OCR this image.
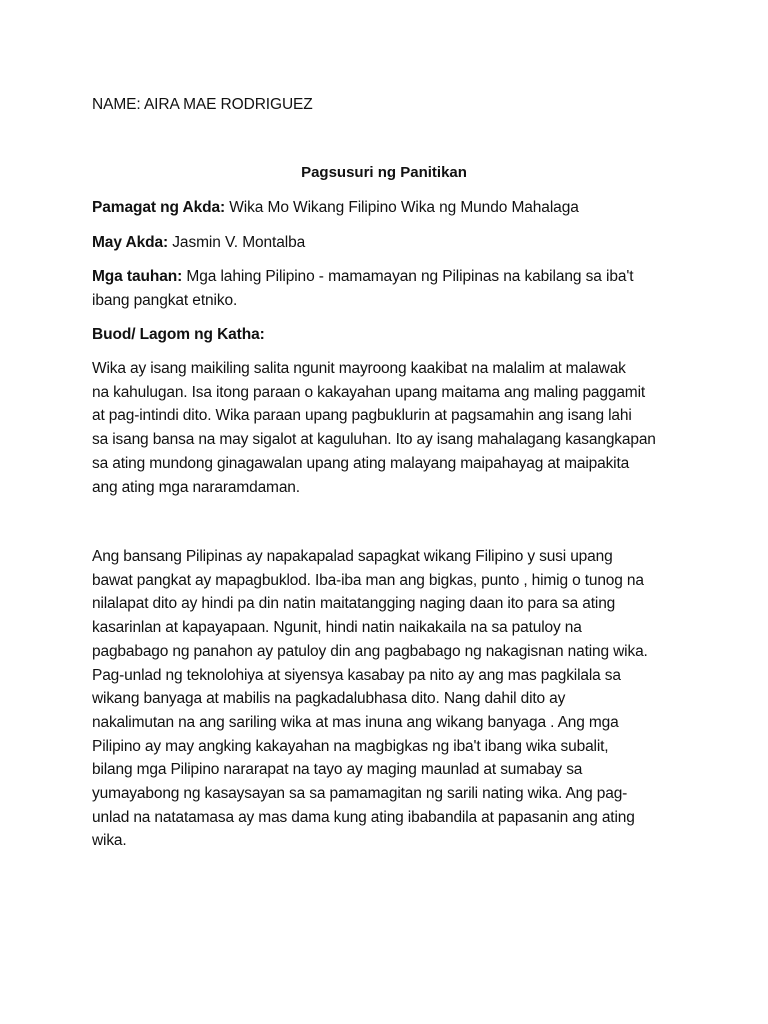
NAME: AIRA MAE RODRIGUEZ
Pagsusuri ng Panitikan
Pamagat ng Akda: Wika Mo Wikang Filipino Wika ng Mundo Mahalaga
May Akda: Jasmin V. Montalba
Mga tauhan: Mga lahing Pilipino - mamamayan ng Pilipinas na kabilang sa iba't
ibang pangkat etniko.
Buod/ Lagom ng Katha:

Wika ay isang maikiling salita ngunit mayroong kaakibat na malalim at malawak

na kahulugan. Isa itong paraan o kakayahan upang maitama ang maling paggamit

at pag-intindi dito. Wika paraan upang pagbuklurin at pagsamahin ang isang lahi

sa isang bansa na may sigalot at kaguluhan. Ito ay isang mahalagang kasangkapan

sa ating mundong ginagawalan upang ating malayang maipahayag at maipakita

ang ating mga nararamdaman.

Ang bansang Pilipinas ay napakapalad sapagkat wikang Filipino y susi upang

bawat pangkat ay mapagbuklod. Iba-iba man ang bigkas, punto , himig o tunog na

nilalapat dito ay hindi pa din natin maitatangging naging daan ito para sa ating

kasarinlan at kapayapaan. Ngunit, hindi natin naikakaila na sa patuloy na

pagbabago ng panahon ay patuloy din ang pagbabago ng nakagisnan nating wika.

Pag-unlad ng teknolohiya at siyensya kasabay pa nito ay ang mas pagkilala sa

wikang banyaga at mabilis na pagkadalubhasa dito. Nang dahil dito ay

nakalimutan na ang sariling wika at mas inuna ang wikang banyaga . Ang mga

Pilipino ay may angking kakayahan na magbigkas ng iba't ibang wika subalit,

bilang mga Pilipino nararapat na tayo ay maging maunlad at sumabay sa

yumayabong ng kasaysayan sa sa pamamagitan ng sarili nating wika. Ang pag-

unlad na natatamasa ay mas dama kung ating ibabandila at papasanin ang ating

wika.
